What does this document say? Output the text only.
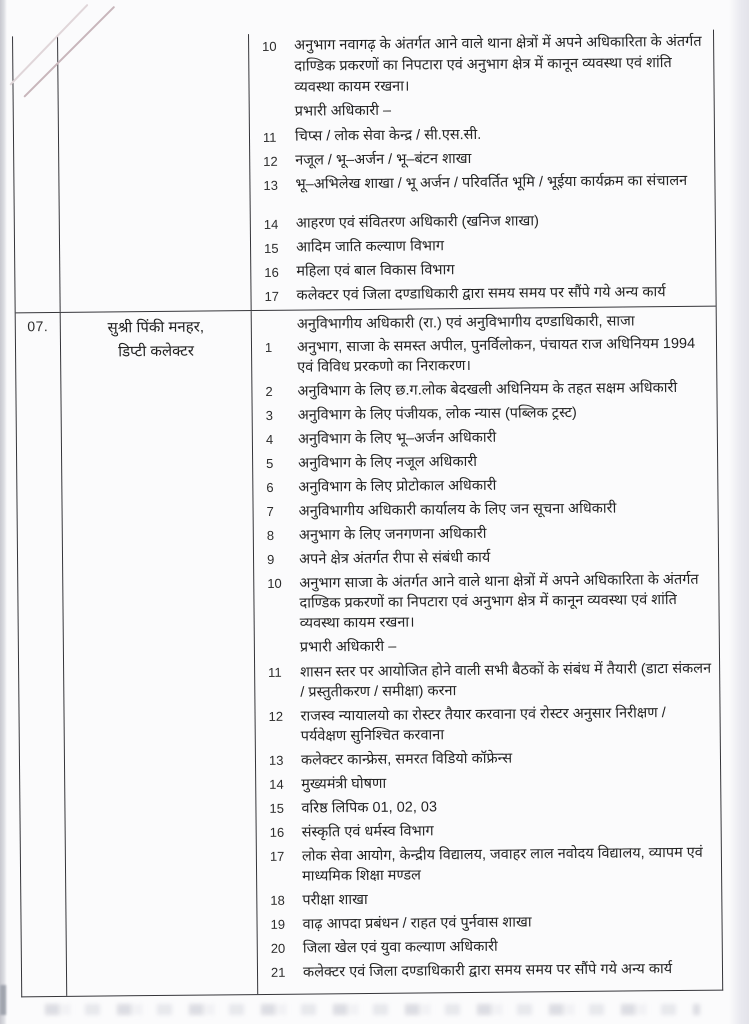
10	अनुभाग नवागढ़ के अंतर्गत आने वाले थाना क्षेत्रों में अपने अधिकारिता के अंतर्गत दाण्डिक प्रकरणों का निपटारा एवं अनुभाग क्षेत्र में कानून व्यवस्था एवं शांति व्यवस्था कायम रखना।
प्रभारी अधिकारी –
11	चिप्स / लोक सेवा केन्द्र / सी.एस.सी.
12	नजूल / भू–अर्जन / भू–बंटन शाखा
13	भू–अभिलेख शाखा / भू अर्जन / परिवर्तित भूमि / भूईया कार्यक्रम का संचालन
14	आहरण एवं संवितरण अधिकारी (खनिज शाखा)
15	आदिम जाति कल्याण विभाग
16	महिला एवं बाल विकास विभाग
17	कलेक्टर एवं जिला दण्डाधिकारी द्वारा समय समय पर सौंपे गये अन्य कार्य
07.	सुश्री पिंकी मनहर,
डिप्टी कलेक्टर
अनुविभागीय अधिकारी (रा.) एवं अनुविभागीय दण्डाधिकारी, साजा
1	अनुभाग, साजा के समस्त अपील, पुनर्विलोकन, पंचायत राज अधिनियम 1994 एवं विविध प्ररकणो का निराकरण।
2	अनुविभाग के लिए छ.ग.लोक बेदखली अधिनियम के तहत सक्षम अधिकारी
3	अनुविभाग के लिए पंजीयक, लोक न्यास (पब्लिक ट्रस्ट)
4	अनुविभाग के लिए भू–अर्जन अधिकारी
5	अनुविभाग के लिए नजूल अधिकारी
6	अनुविभाग के लिए प्रोटोकाल अधिकारी
7	अनुविभागीय अधिकारी कार्यालय के लिए जन सूचना अधिकारी
8	अनुभाग के लिए जनगणना अधिकारी
9	अपने क्षेत्र अंतर्गत रीपा से संबंधी कार्य
10	अनुभाग साजा के अंतर्गत आने वाले थाना क्षेत्रों में अपने अधिकारिता के अंतर्गत दाण्डिक प्रकरणों का निपटारा एवं अनुभाग क्षेत्र में कानून व्यवस्था एवं शांति व्यवस्था कायम रखना।
प्रभारी अधिकारी –
11	शासन स्तर पर आयोजित होने वाली सभी बैठकों के संबंध में तैयारी (डाटा संकलन / प्रस्तुतीकरण / समीक्षा) करना
12	राजस्व न्यायालयो का रोस्टर तैयार करवाना एवं रोस्टर अनुसार निरीक्षण / पर्यवेक्षण सुनिश्चित करवाना
13	कलेक्टर कान्फ्रेस, समरत विडियो कॉफ्रेन्स
14	मुख्यमंत्री घोषणा
15	वरिष्ठ लिपिक 01, 02, 03
16	संस्कृति एवं धर्मस्व विभाग
17	लोक सेवा आयोग, केन्द्रीय विद्यालय, जवाहर लाल नवोदय विद्यालय, व्यापम एवं माध्यमिक शिक्षा मण्डल
18	परीक्षा शाखा
19	वाढ़ आपदा प्रबंधन / राहत एवं पुर्नवास शाखा
20	जिला खेल एवं युवा कल्याण अधिकारी
21	कलेक्टर एवं जिला दण्डाधिकारी द्वारा समय समय पर सौंपे गये अन्य कार्य
